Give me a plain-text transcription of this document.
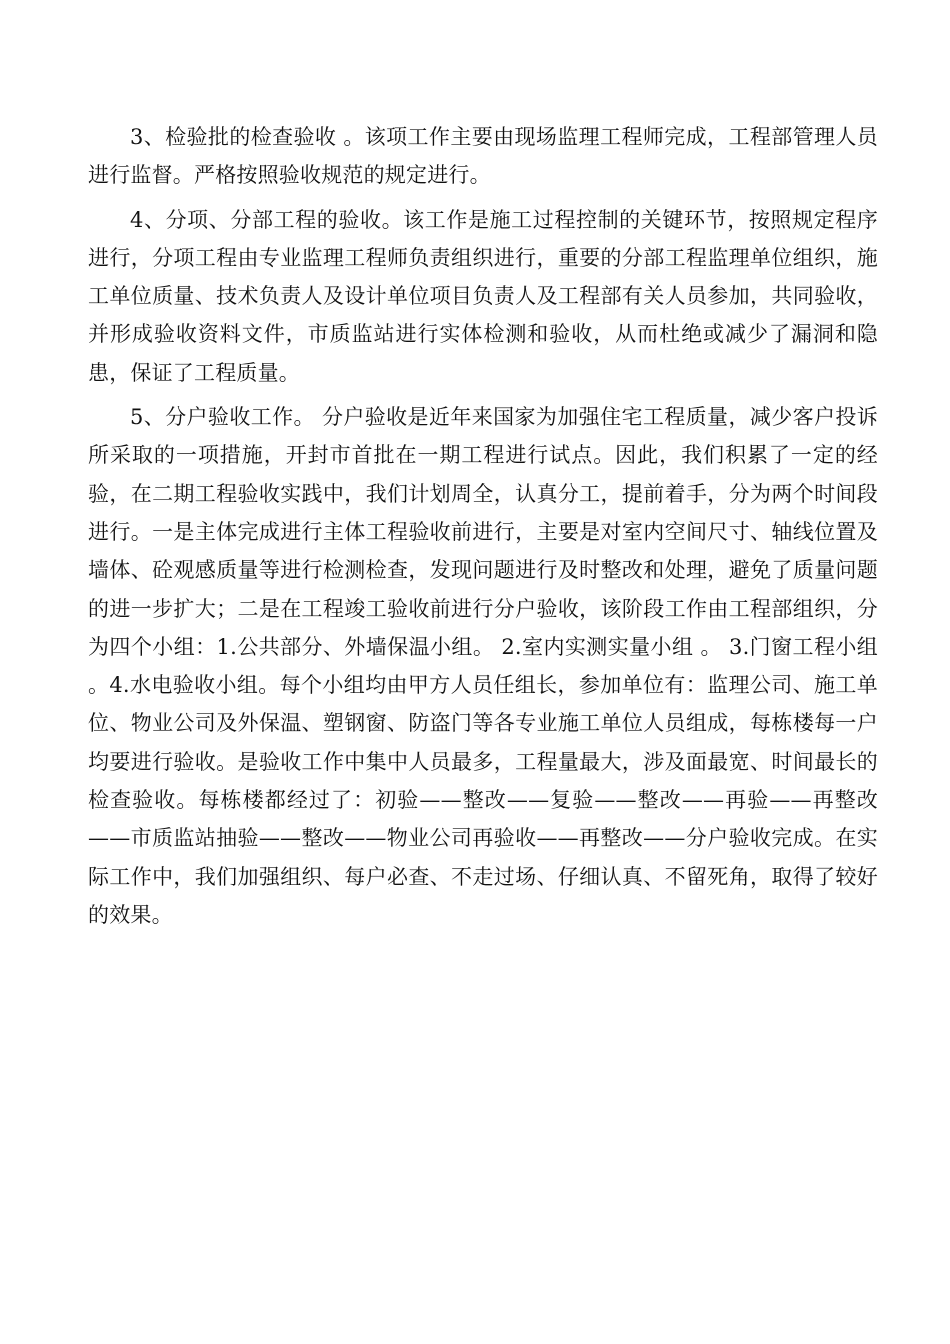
3、检验批的检查验收 。该项工作主要由现场监理工程师完成，工程部管理人员进行监督。严格按照验收规范的规定进行。

4、分项、分部工程的验收。该工作是施工过程控制的关键环节，按照规定程序进行，分项工程由专业监理工程师负责组织进行，重要的分部工程监理单位组织，施工单位质量、技术负责人及设计单位项目负责人及工程部有关人员参加，共同验收，并形成验收资料文件，市质监站进行实体检测和验收，从而杜绝或减少了漏洞和隐患，保证了工程质量。

5、分户验收工作。 分户验收是近年来国家为加强住宅工程质量，减少客户投诉所采取的一项措施，开封市首批在一期工程进行试点。因此，我们积累了一定的经验，在二期工程验收实践中，我们计划周全，认真分工，提前着手，分为两个时间段进行。一是主体完成进行主体工程验收前进行，主要是对室内空间尺寸、轴线位置及墙体、砼观感质量等进行检测检查，发现问题进行及时整改和处理，避免了质量问题的进一步扩大；二是在工程竣工验收前进行分户验收，该阶段工作由工程部组织，分为四个小组：1.公共部分、外墙保温小组。 2.室内实测实量小组 。 3.门窗工程小组 。4.水电验收小组。每个小组均由甲方人员任组长，参加单位有：监理公司、施工单位、物业公司及外保温、塑钢窗、防盗门等各专业施工单位人员组成，每栋楼每一户均要进行验收。是验收工作中集中人员最多，工程量最大，涉及面最宽、时间最长的检查验收。每栋楼都经过了：初验——整改——复验——整改——再验——再整改——市质监站抽验——整改——物业公司再验收——再整改——分户验收完成。在实际工作中，我们加强组织、每户必查、不走过场、仔细认真、不留死角，取得了较好的效果。
